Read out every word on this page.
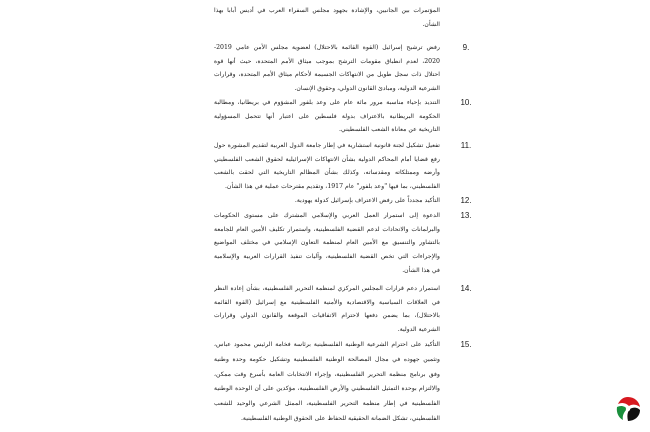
المؤتمرات بين الجانبين، والإشادة بجهود مجلس السفراء العرب في أديس أبابا بهذا
الشأن.
9.
رفض ترشيح إسرائيل (القوة القائمة بالاحتلال) لعضوية مجلس الأمن عامي 2019-
2020، لعدم انطباق مقومات الترشح بموجب ميثاق الأمم المتحدة، حيث أنها قوة
احتلال ذات سجل طويل من الانتهاكات الجسيمة لأحكام ميثاق الأمم المتحدة، وقرارات
الشرعية الدولية، ومبادئ القانون الدولي، وحقوق الإنسان.
10.
التنديد بإحياء مناسبة مرور مائة عام على وعد بلفور المشؤوم في بريطانيا، ومطالبة
الحكومة البريطانية بالاعتراف بدولة فلسطين على اعتبار أنها تتحمل المسؤولية
التاريخية عن معاناة الشعب الفلسطيني.
11.
تفعيل تشكيل لجنة قانونية استشارية في إطار جامعة الدول العربية لتقديم المشورة حول
رفع قضايا أمام المحاكم الدولية بشأن الانتهاكات الإسرائيلية لحقوق الشعب الفلسطيني
وأرضه وممتلكاته ومقدساته، وكذلك بشأن المظالم التاريخية التي لحقت بالشعب
الفلسطيني، بما فيها "وعد بلفور" عام 1917، وتقديم مقترحات عملية في هذا الشأن.
12.
التأكيد مجدداً على رفض الاعتراف بإسرائيل كدولة يهودية.
13.
الدعوة إلى استمرار العمل العربي والإسلامي المشترك على مستوى الحكومات
والبرلمانات والاتحادات لدعم القضية الفلسطينية، واستمرار تكليف الأمين العام للجامعة
بالتشاور والتنسيق مع الأمين العام لمنظمة التعاون الإسلامي في مختلف المواضيع
والإجراءات التي تخص القضية الفلسطينية، وآليات تنفيذ القرارات العربية والإسلامية
في هذا الشأن.
14.
استمرار دعم قرارات المجلس المركزي لمنظمة التحرير الفلسطينية، بشأن إعادة النظر
في العلاقات السياسية والاقتصادية والأمنية الفلسطينية مع إسرائيل (القوة القائمة
بالاحتلال)، بما يضمن دفعها لاحترام الاتفاقيات الموقعة والقانون الدولي وقرارات
الشرعية الدولية.
15.
التأكيد على احترام الشرعية الوطنية الفلسطينية برئاسة فخامة الرئيس محمود عباس،
وتثمين جهوده في مجال المصالحة الوطنية الفلسطينية وتشكيل حكومة وحدة وطنية
وفق برنامج منظمة التحرير الفلسطينية، وإجراء الانتخابات العامة بأسرع وقت ممكن،
والالتزام بوحدة التمثيل الفلسطيني والأرض الفلسطينية، مؤكدين على أن الوحدة الوطنية
الفلسطينية في إطار منظمة التحرير الفلسطينية، الممثل الشرعي والوحيد للشعب
الفلسطيني، تشكل الضمانة الحقيقية للحفاظ على الحقوق الوطنية الفلسطينية.
